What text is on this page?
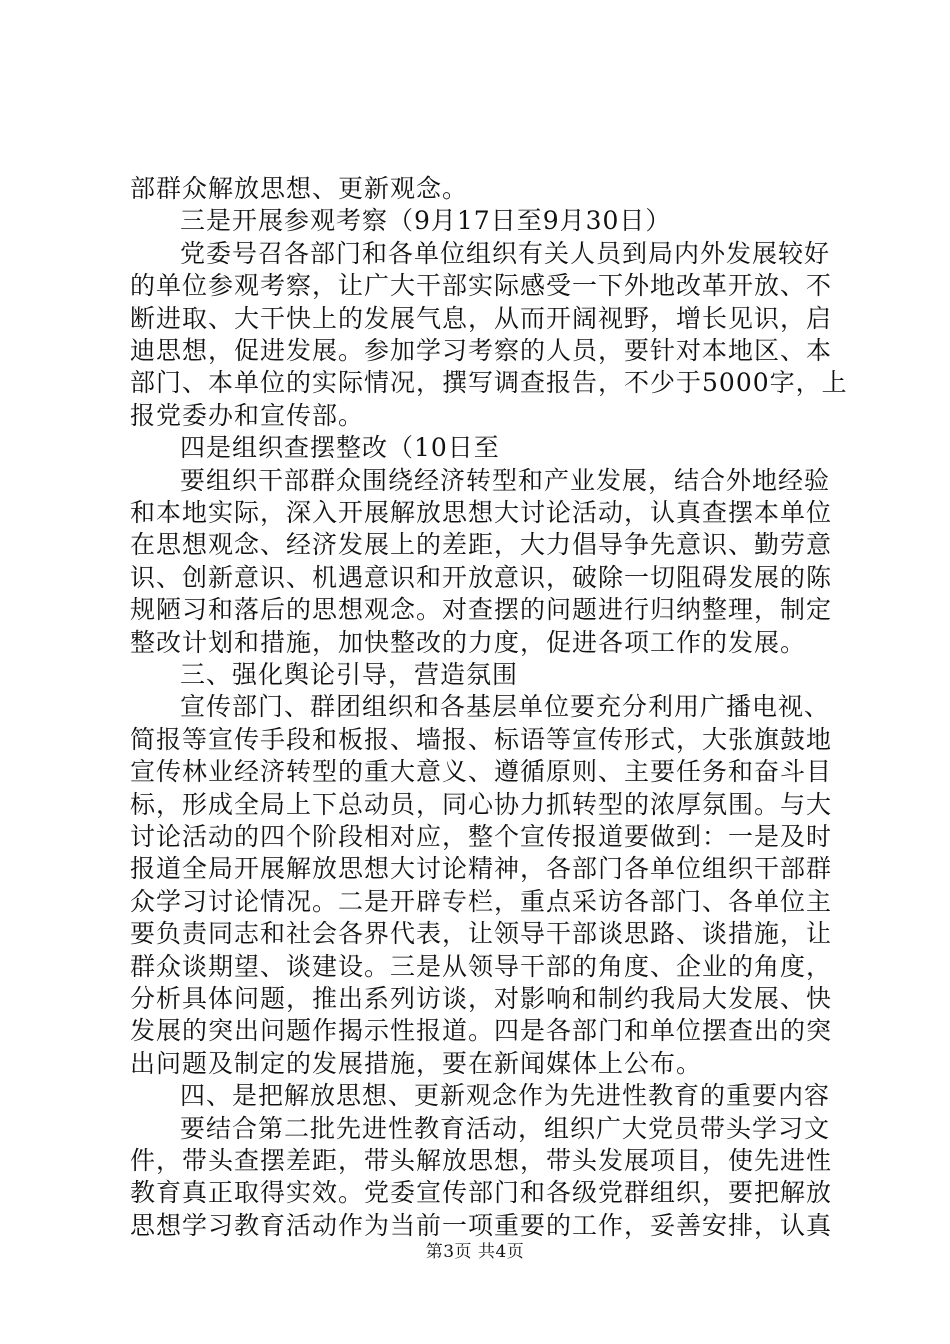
部群众解放思想、更新观念。
三是开展参观考察（9月17日至9月30日）
党委号召各部门和各单位组织有关人员到局内外发展较好
的单位参观考察，让广大干部实际感受一下外地改革开放、不
断进取、大干快上的发展气息，从而开阔视野，增长见识，启
迪思想，促进发展。参加学习考察的人员，要针对本地区、本
部门、本单位的实际情况，撰写调查报告，不少于5000字，上
报党委办和宣传部。
四是组织查摆整改（10日至
要组织干部群众围绕经济转型和产业发展，结合外地经验
和本地实际，深入开展解放思想大讨论活动，认真查摆本单位
在思想观念、经济发展上的差距，大力倡导争先意识、勤劳意
识、创新意识、机遇意识和开放意识，破除一切阻碍发展的陈
规陋习和落后的思想观念。对查摆的问题进行归纳整理，制定
整改计划和措施，加快整改的力度，促进各项工作的发展。
三、强化舆论引导，营造氛围
宣传部门、群团组织和各基层单位要充分利用广播电视、
简报等宣传手段和板报、墙报、标语等宣传形式，大张旗鼓地
宣传林业经济转型的重大意义、遵循原则、主要任务和奋斗目
标，形成全局上下总动员，同心协力抓转型的浓厚氛围。与大
讨论活动的四个阶段相对应，整个宣传报道要做到：一是及时
报道全局开展解放思想大讨论精神，各部门各单位组织干部群
众学习讨论情况。二是开辟专栏，重点采访各部门、各单位主
要负责同志和社会各界代表，让领导干部谈思路、谈措施，让
群众谈期望、谈建设。三是从领导干部的角度、企业的角度，
分析具体问题，推出系列访谈，对影响和制约我局大发展、快
发展的突出问题作揭示性报道。四是各部门和单位摆查出的突
出问题及制定的发展措施，要在新闻媒体上公布。
四、是把解放思想、更新观念作为先进性教育的重要内容
要结合第二批先进性教育活动，组织广大党员带头学习文
件，带头查摆差距，带头解放思想，带头发展项目，使先进性
教育真正取得实效。党委宣传部门和各级党群组织，要把解放
思想学习教育活动作为当前一项重要的工作，妥善安排，认真
第3页 共4页
